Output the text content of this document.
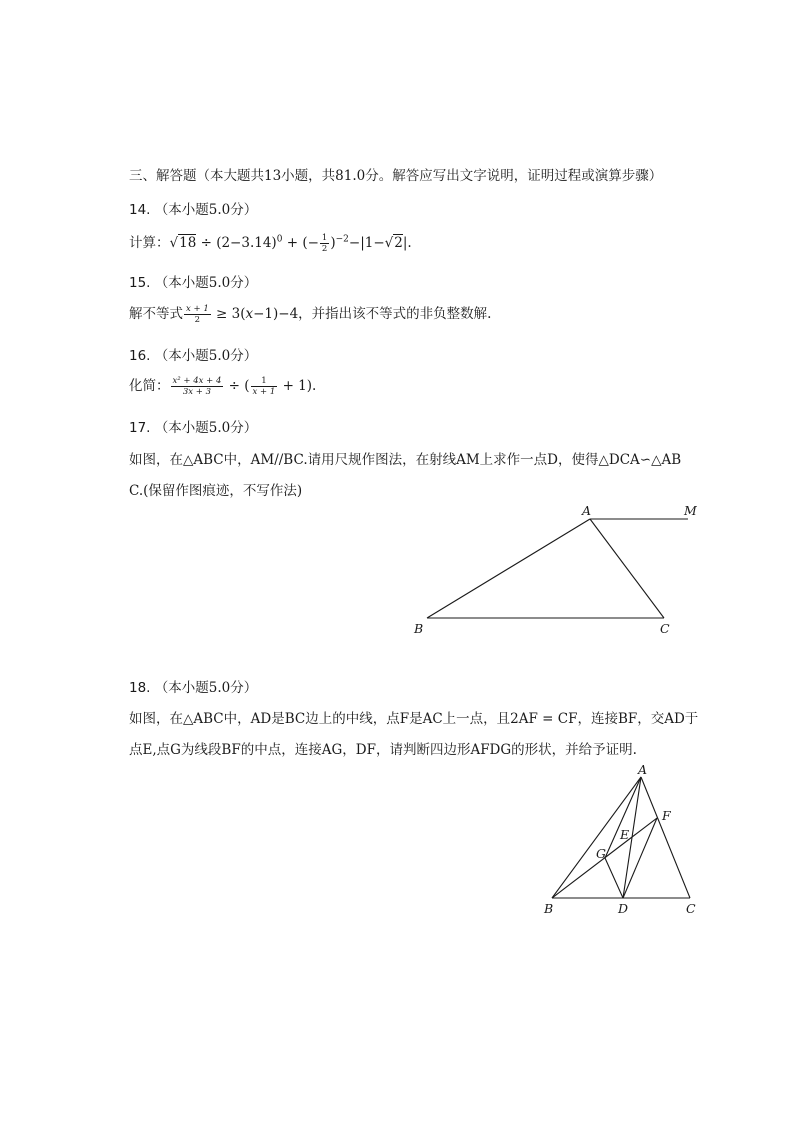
三、解答题（本大题共13小题，共81.0分。解答应写出文字说明，证明过程或演算步骤）
14. （本小题5.0分）
计算：$√18 \div (2-3.14)^0$ + (− $\frac{1}{2} )^{-2}-|1-√2|$.
15. （本小题5.0分）
解不等式 $\frac{x + 1}{2} \ge 3(x-1)-4$，并指出该不等式的非负整数解.
16. （本小题5.0分）
化简： $\frac{\text{x² + 4x + 4}}{3x + 3}$ ÷ ( $\frac{1}{x + 1} + 1$).
17. （本小题5.0分）
如图，在△ABC中，AM//BC.请用尺规作图法，在射线AM上求作一点D，使得△DCA∽△AB
C.(保留作图痕迹，不写作法)
A	M
B	C
A
F
E
G
B	D	C
18. （本小题5.0分）
如图，在△ABC中，AD是BC边上的中线，点F是AC上一点，且2AF = CF，连接BF，交AD于
点E,点G为线段BF的中点，连接AG，DF，请判断四边形AFDG的形状，并给予证明.
